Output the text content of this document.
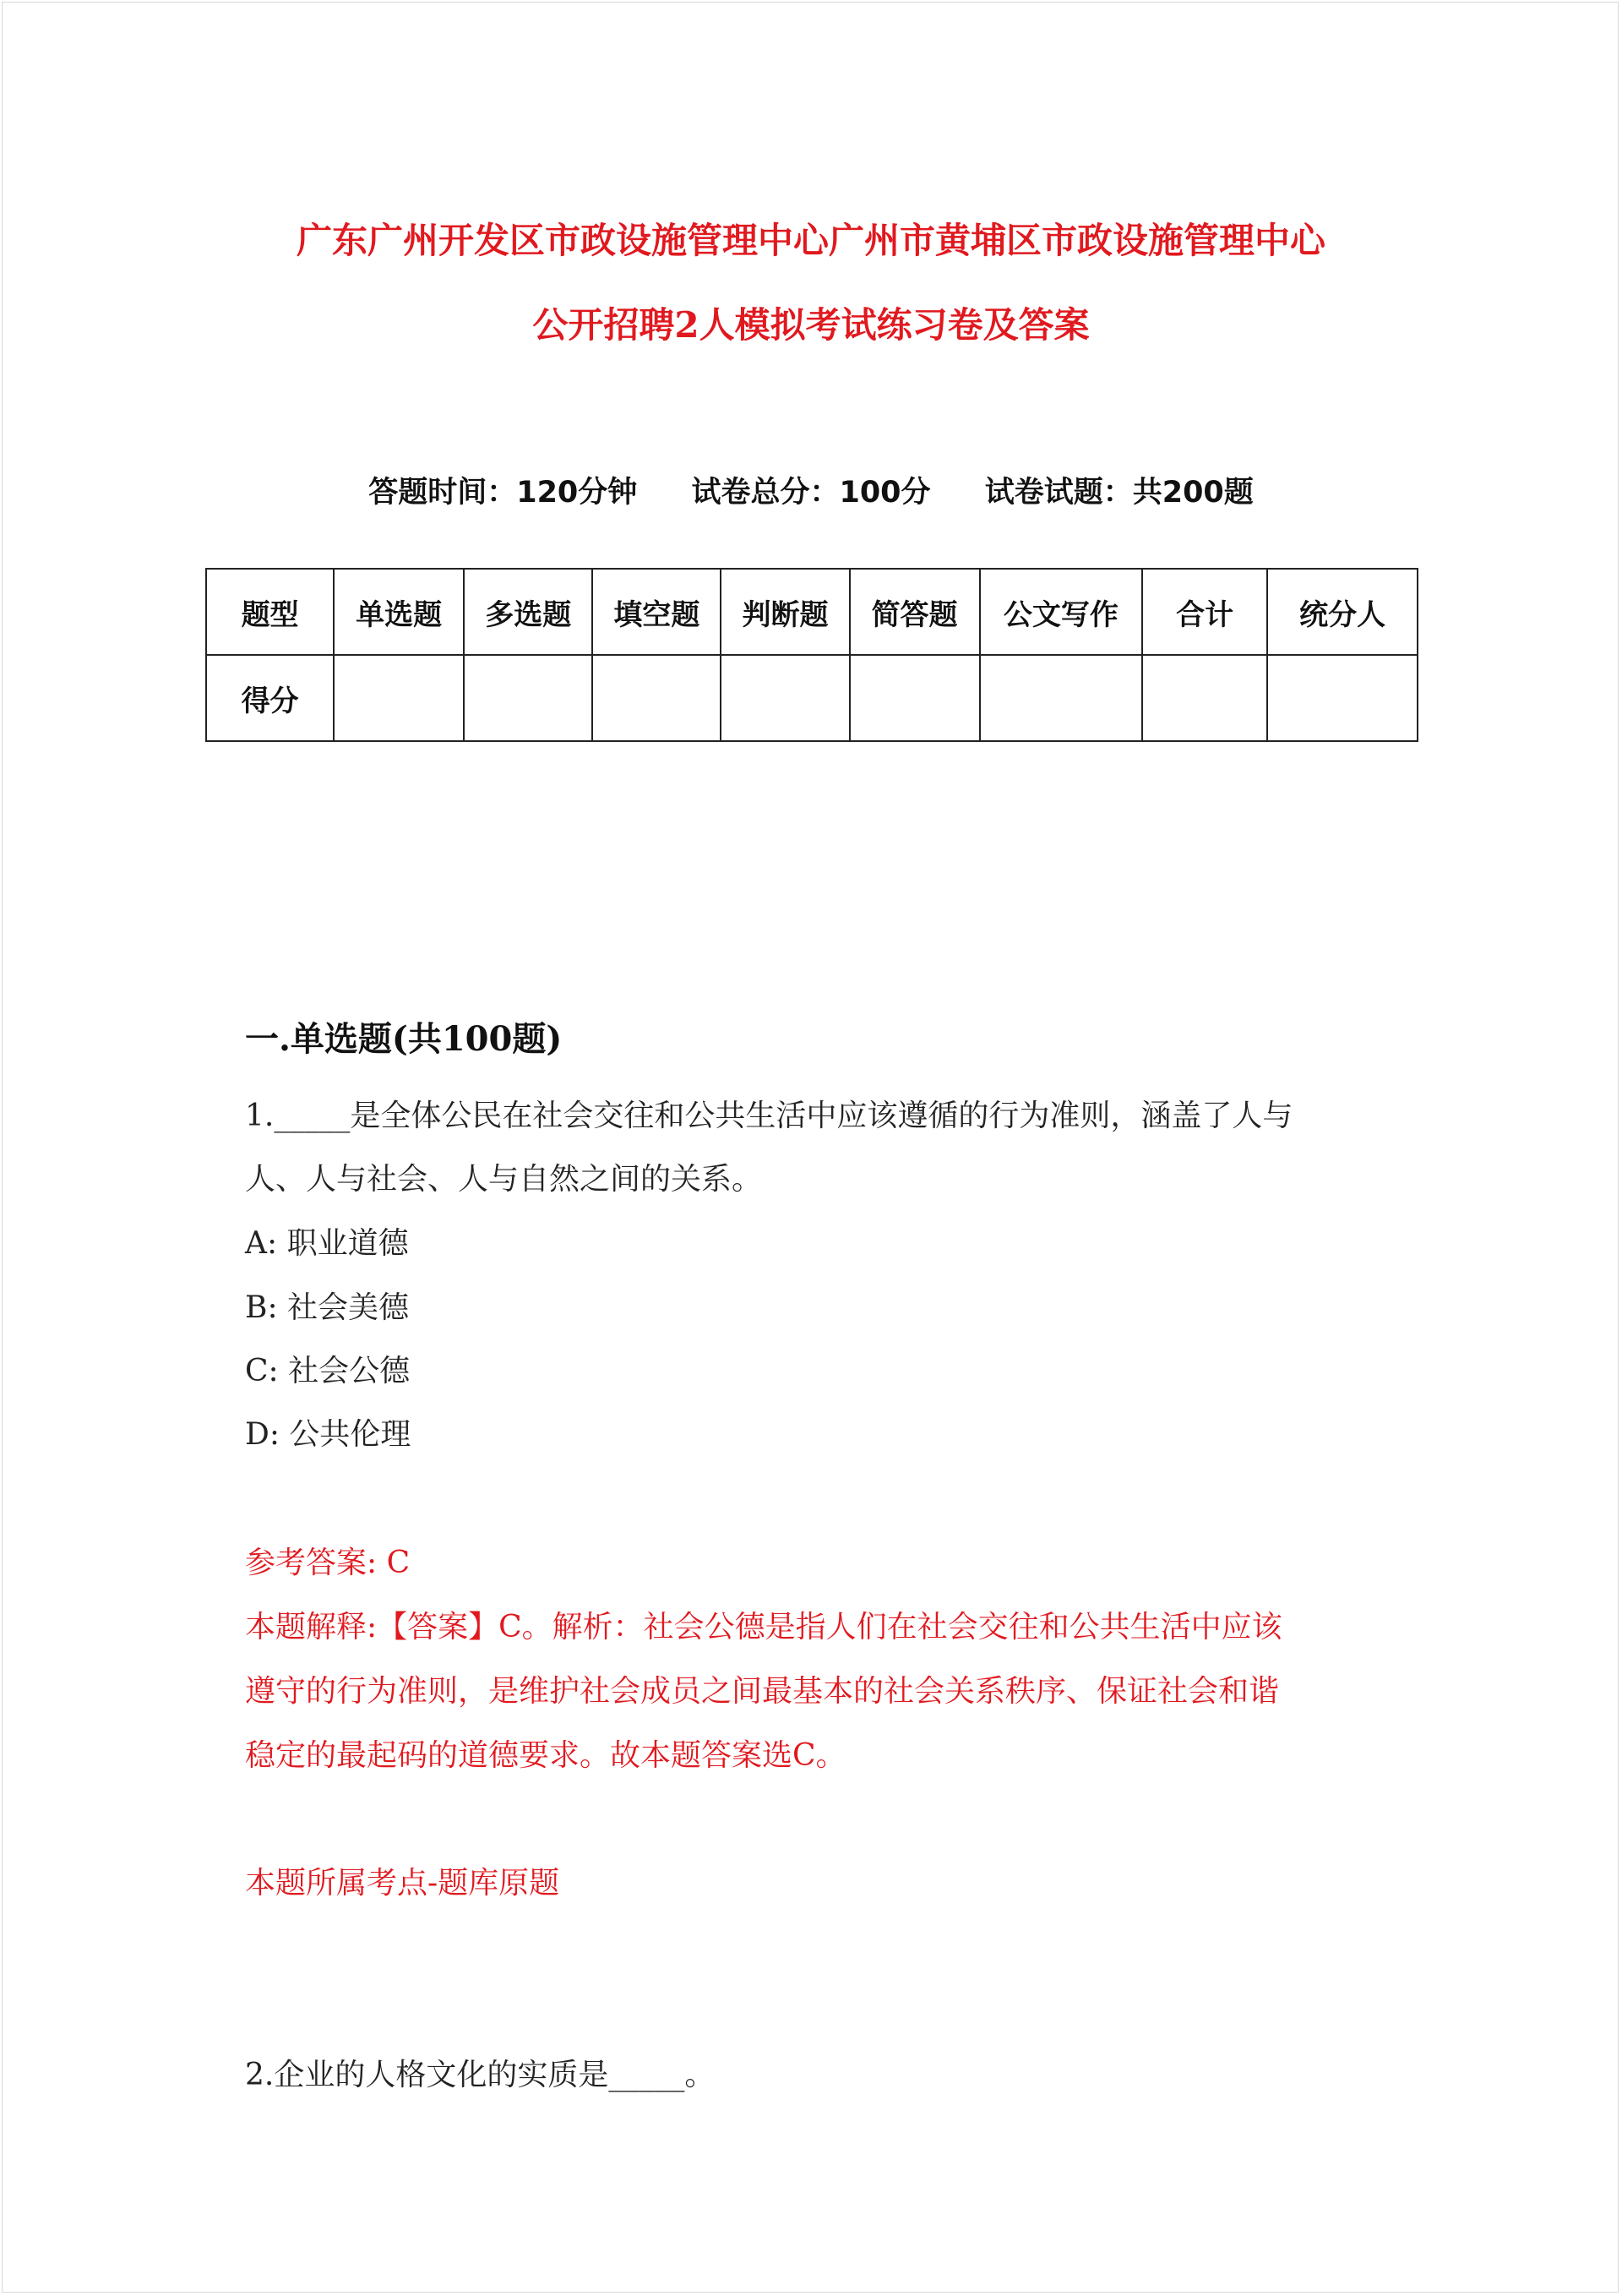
广东广州开发区市政设施管理中心广州市黄埔区市政设施管理中心
公开招聘2人模拟考试练习卷及答案
答题时间：120分钟 试卷总分：100分 试卷试题：共200题
题型	单选题	多选题	填空题	判断题	简答题	公文写作	合计	统分人
得分								
一.单选题(共100题)
1._____是全体公民在社会交往和公共生活中应该遵循的行为准则，涵盖了人与
人、人与社会、人与自然之间的关系。
A: 职业道德
B: 社会美德
C: 社会公德
D: 公共伦理
参考答案: C
本题解释:【答案】C。解析：社会公德是指人们在社会交往和公共生活中应该
遵守的行为准则，是维护社会成员之间最基本的社会关系秩序、保证社会和谐
稳定的最起码的道德要求。故本题答案选C。
本题所属考点-题库原题
2.企业的人格文化的实质是_____。
